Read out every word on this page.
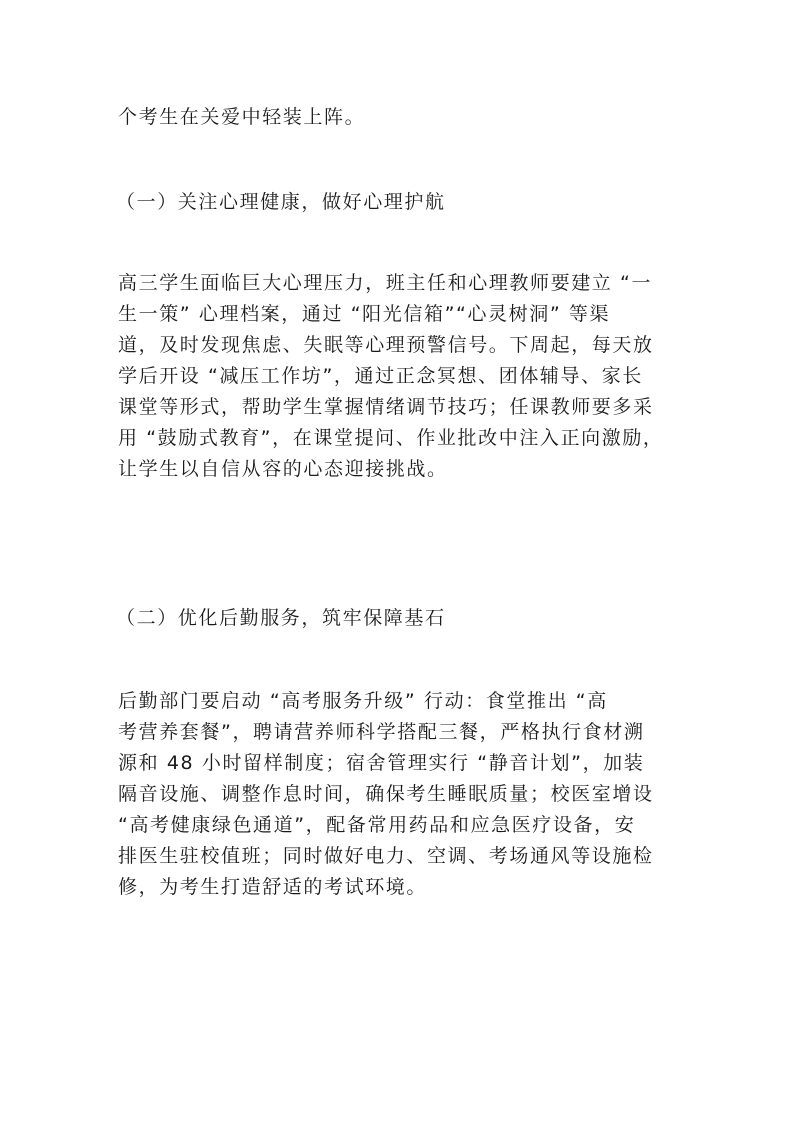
个考生在关爱中轻装上阵。
（一）关注心理健康，做好心理护航
高三学生面临巨大心理压力，班主任和心理教师要建立 “一
生一策” 心理档案，通过 “阳光信箱”“心灵树洞” 等渠
道，及时发现焦虑、失眠等心理预警信号。下周起，每天放
学后开设 “减压工作坊”，通过正念冥想、团体辅导、家长
课堂等形式，帮助学生掌握情绪调节技巧；任课教师要多采
用 “鼓励式教育”，在课堂提问、作业批改中注入正向激励，
让学生以自信从容的心态迎接挑战。
（二）优化后勤服务，筑牢保障基石
后勤部门要启动 “高考服务升级” 行动：食堂推出 “高
考营养套餐”，聘请营养师科学搭配三餐，严格执行食材溯
源和 48 小时留样制度；宿舍管理实行 “静音计划”，加装
隔音设施、调整作息时间，确保考生睡眠质量；校医室增设
“高考健康绿色通道”，配备常用药品和应急医疗设备，安
排医生驻校值班；同时做好电力、空调、考场通风等设施检
修，为考生打造舒适的考试环境。
